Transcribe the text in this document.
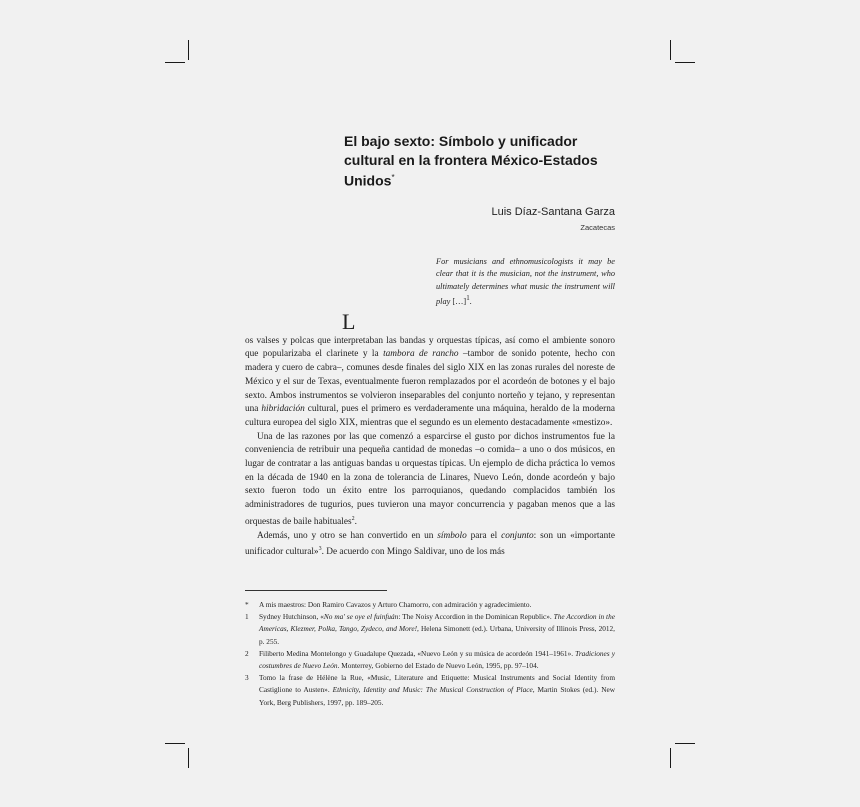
El bajo sexto: Símbolo y unificador cultural en la frontera México-Estados Unidos*
Luis Díaz-Santana Garza
Zacatecas
For musicians and ethnomusicologists it may be clear that it is the musician, not the instrument, who ultimately determines what music the instrument will play […]$^1$.

L
os valses y polcas que interpretaban las bandas y orquestas típicas, así como el ambiente sonoro que popularizaba el clarinete y la tambora de rancho –tambor de sonido potente, hecho con madera y cuero de cabra–, comunes desde finales del siglo XIX en las zonas rurales del noreste de México y el sur de Texas, eventualmente fueron remplazados por el acordeón de botones y el bajo sexto. Ambos instrumentos se volvieron inseparables del conjunto norteño y tejano, y representan una hibridación cultural, pues el primero es verdaderamente una máquina, heraldo de la moderna cultura europea del siglo XIX, mientras que el segundo es un elemento destacadamente «mestizo».

Una de las razones por las que comenzó a esparcirse el gusto por dichos instrumentos fue la conveniencia de retribuir una pequeña cantidad de monedas –o comida– a uno o dos músicos, en lugar de contratar a las antiguas bandas u orquestas típicas. Un ejemplo de dicha práctica lo vemos en la década de 1940 en la zona de tolerancia de Linares, Nuevo León, donde acordeón y bajo sexto fueron todo un éxito entre los parroquianos, quedando complacidos también los administradores de tugurios, pues tuvieron una mayor concurrencia y pagaban menos que a las orquestas de baile habituales$^2$.

Además, uno y otro se han convertido en un símbolo para el conjunto: son un «importante unificador cultural»$^3$. De acuerdo con Mingo Saldivar, uno de los más

* A mis maestros: Don Ramiro Cavazos y Arturo Chamorro, con admiración y agradecimiento.
1 Sydney Hutchinson, «No ma' se oye el fuinfuán: The Noisy Accordion in the Dominican Republic». The Accordion in the Americas, Klezmer, Polka, Tango, Zydeco, and More!, Helena Simonett (ed.). Urbana, University of Illinois Press, 2012, p. 255.
2 Filiberto Medina Montelongo y Guadalupe Quezada, «Nuevo León y su música de acordeón 1941–1961». Tradiciones y costumbres de Nuevo León. Monterrey, Gobierno del Estado de Nuevo León, 1995, pp. 97–104.
3 Tomo la frase de Hélène la Rue, «Music, Literature and Etiquette: Musical Instruments and Social Identity from Castiglione to Austen». Ethnicity, Identity and Music: The Musical Construction of Place, Martin Stokes (ed.). New York, Berg Publishers, 1997, pp. 189–205.
